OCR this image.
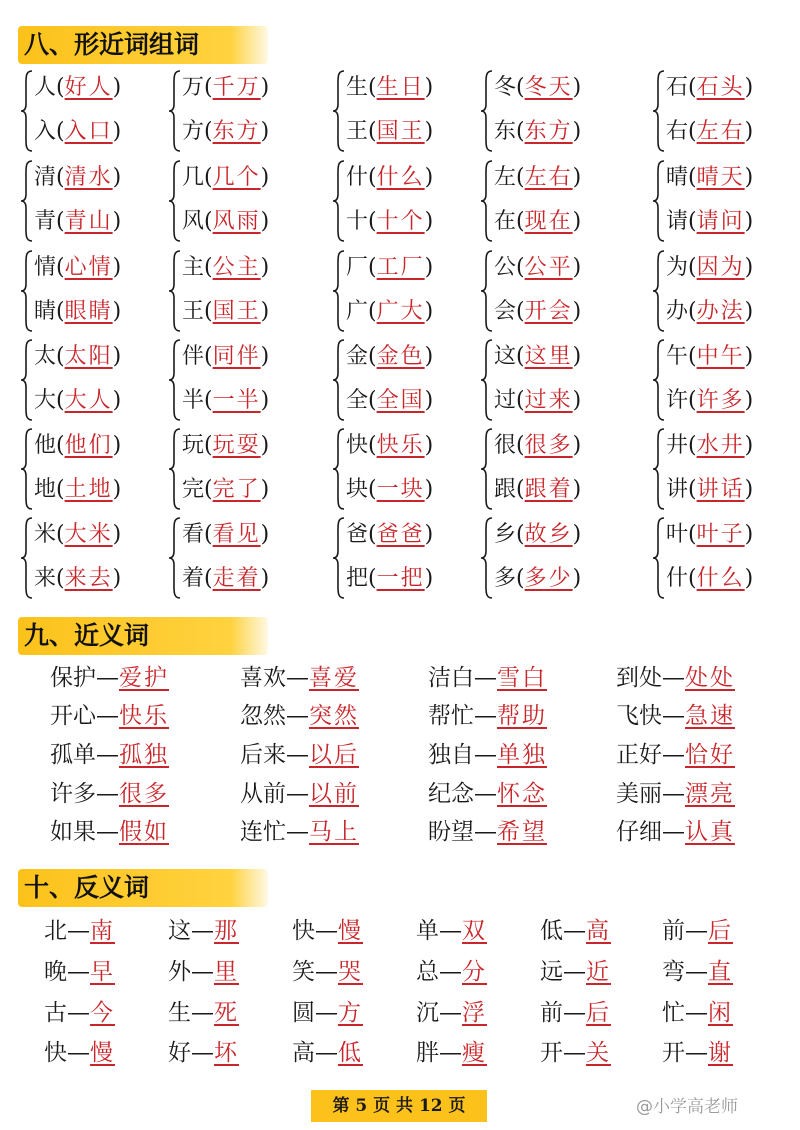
八、形近词组词
人(好人)
入(入口)
万(千万)
方(东方)
生(生日)
王(国王)
冬(冬天)
东(东方)
石(石头)
右(左右)
清(清水)
青(青山)
几(几个)
风(风雨)
什(什么)
十(十个)
左(左右)
在(现在)
晴(晴天)
请(请问)
情(心情)
睛(眼睛)
主(公主)
王(国王)
厂(工厂)
广(广大)
公(公平)
会(开会)
为(因为)
办(办法)
太(太阳)
大(大人)
伴(同伴)
半(一半)
金(金色)
全(全国)
这(这里)
过(过来)
午(中午)
许(许多)
他(他们)
地(土地)
玩(玩耍)
完(完了)
快(快乐)
块(一块)
很(很多)
跟(跟着)
井(水井)
讲(讲话)
米(大米)
来(来去)
看(看见)
着(走着)
爸(爸爸)
把(一把)
乡(故乡)
多(多少)
叶(叶子)
什(什么)
九、近义词
保护—爱护	喜欢—喜爱	洁白—雪白	到处—处处
开心—快乐	忽然—突然	帮忙—帮助	飞快—急速
孤单—孤独	后来—以后	独自—单独	正好—恰好
许多—很多	从前—以前	纪念—怀念	美丽—漂亮
如果—假如	连忙—马上	盼望—希望	仔细—认真
十、反义词
北—南 这—那 快—慢 单—双 低—高 前—后
晚—早 外—里 笑—哭 总—分 远—近 弯—直
古—今 生—死 圆—方 沉—浮 前—后 忙—闲
快—慢 好—坏 高—低 胖—瘦 开—关 开—谢
第 5 页 共 12 页	@小学高老师
